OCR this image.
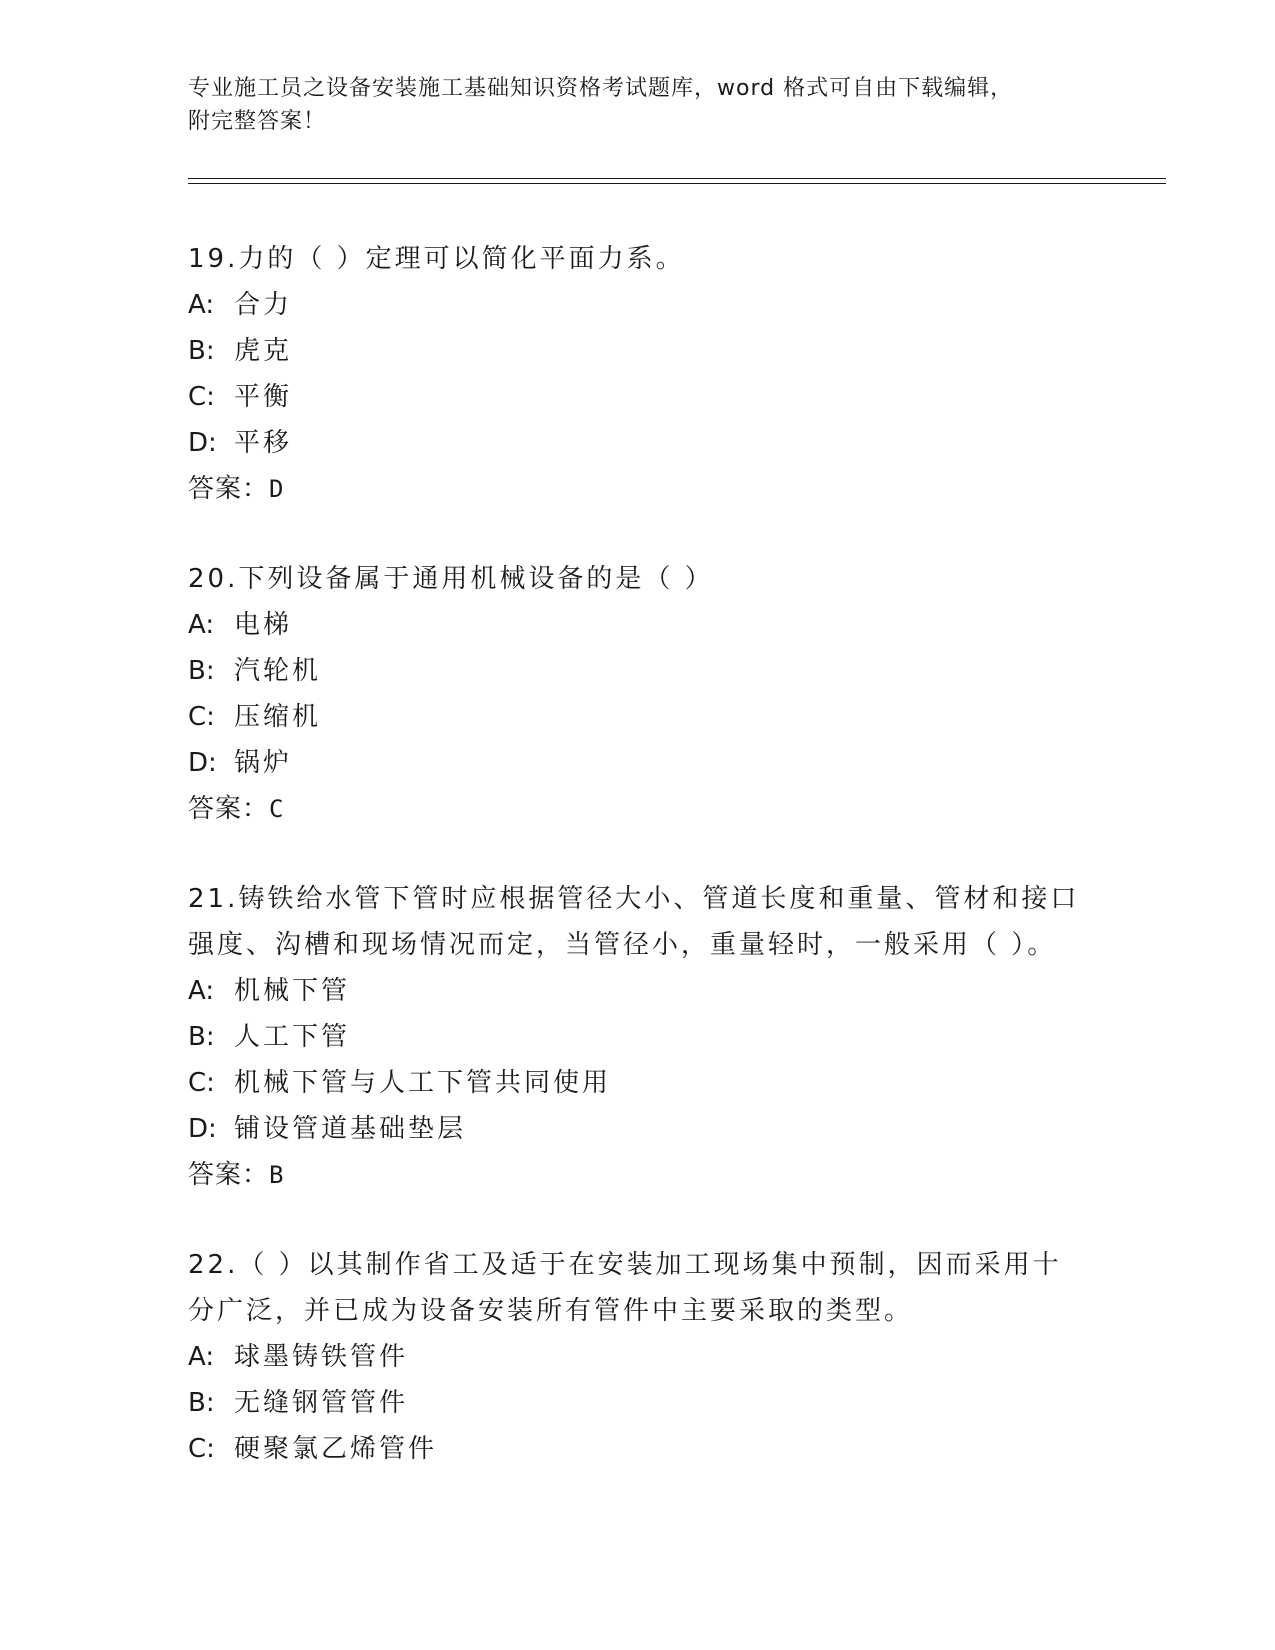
专业施工员之设备安装施工基础知识资格考试题库，word 格式可自由下载编辑，
附完整答案！

19.力的（ ）定理可以简化平面力系。

A: 合力

B: 虎克

C: 平衡

D: 平移

答案：D

20.下列设备属于通用机械设备的是（ ）

A: 电梯

B: 汽轮机

C: 压缩机

D: 锅炉

答案：C

21.铸铁给水管下管时应根据管径大小、管道长度和重量、管材和接口

强度、沟槽和现场情况而定，当管径小，重量轻时，一般采用（ ）。

A: 机械下管

B: 人工下管

C: 机械下管与人工下管共同使用

D: 铺设管道基础垫层

答案：B

22.（ ）以其制作省工及适于在安装加工现场集中预制，因而采用十

分广泛，并已成为设备安装所有管件中主要采取的类型。

A: 球墨铸铁管件

B: 无缝钢管管件

C: 硬聚氯乙烯管件
